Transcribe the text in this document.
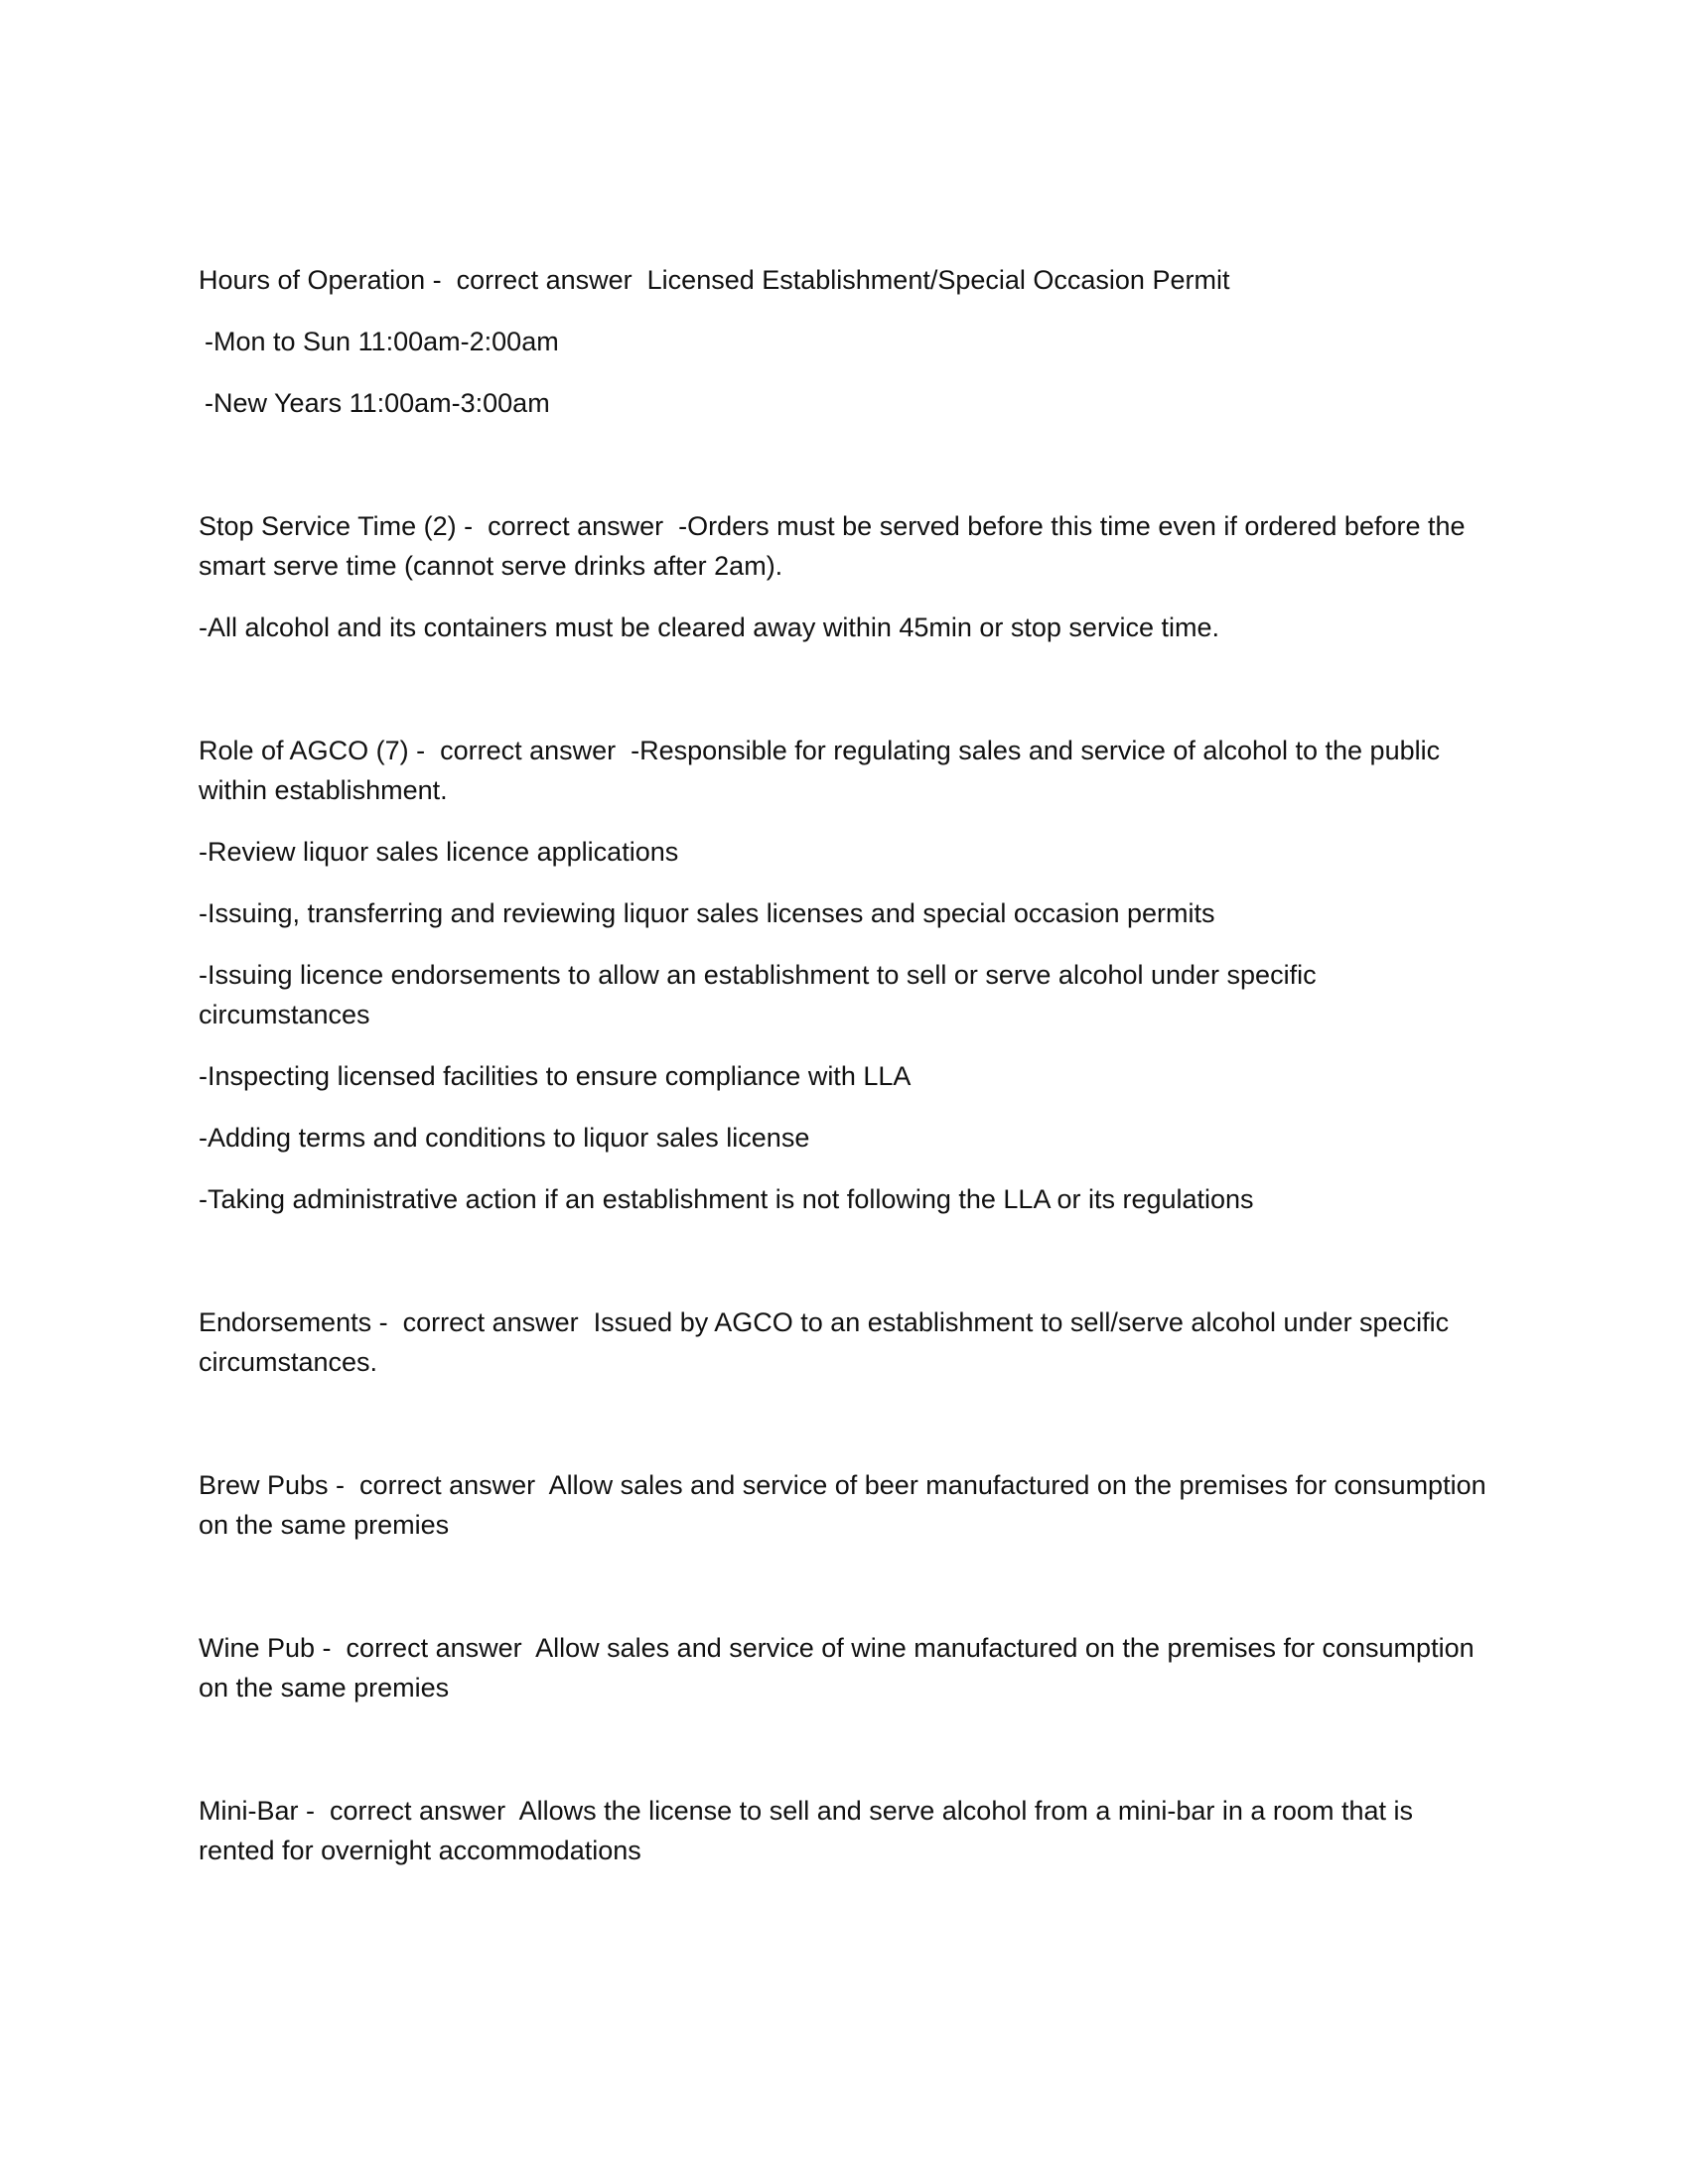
Hours of Operation -  correct answer  Licensed Establishment/Special Occasion Permit

-Mon to Sun 11:00am-2:00am

-New Years 11:00am-3:00am

Stop Service Time (2) -  correct answer  -Orders must be served before this time even if ordered before the smart serve time (cannot serve drinks after 2am).

-All alcohol and its containers must be cleared away within 45min or stop service time.

Role of AGCO (7) -  correct answer  -Responsible for regulating sales and service of alcohol to the public within establishment.

-Review liquor sales licence applications

-Issuing, transferring and reviewing liquor sales licenses and special occasion permits

-Issuing licence endorsements to allow an establishment to sell or serve alcohol under specific circumstances

-Inspecting licensed facilities to ensure compliance with LLA

-Adding terms and conditions to liquor sales license

-Taking administrative action if an establishment is not following the LLA or its regulations

Endorsements -  correct answer  Issued by AGCO to an establishment to sell/serve alcohol under specific circumstances.

Brew Pubs -  correct answer  Allow sales and service of beer manufactured on the premises for consumption on the same premies

Wine Pub -  correct answer  Allow sales and service of wine manufactured on the premises for consumption on the same premies

Mini-Bar -  correct answer  Allows the license to sell and serve alcohol from a mini-bar in a room that is rented for overnight accommodations
